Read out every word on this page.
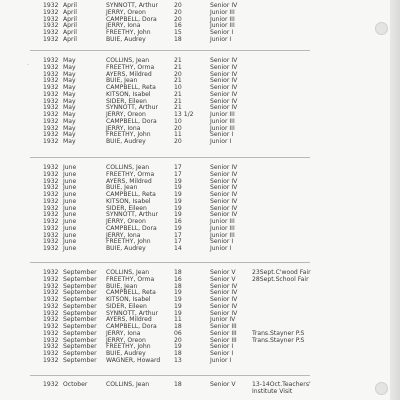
·
1932 April	SYNNOTT, Arthur	20	Senior IV
1932 April	JERRY, Oreon	20	Junior III
1932 April	CAMPBELL, Dora	20	Junior III
1932 April	JERRY, Iona	16	Junior III
1932 April	FREETHY, John	15	Senior I
1932 April	BUIE, Audrey	18	Junior I
1932 May	COLLINS, Jean	21	Senior IV
1932 May	FREETHY, Orma	21	Senior IV
1932 May	AYERS, Mildred	20	Senior IV
1932 May	BUIE, Jean	21	Senior IV
1932 May	CAMPBELL, Reta	10	Senior IV
1932 May	KITSON, Isabel	21	Senior IV
1932 May	SIDER, Eileen	21	Senior IV
1932 May	SYNNOTT, Arthur	21	Senior IV
1932 May	JERRY, Oreon	13 1/2	Junior III
1932 May	CAMPBELL, Dora	10	Junior III
1932 May	JERRY, Iona	20	Junior III
1932 May	FREETHY, John	11	Senior I
1932 May	BUIE, Audrey	20	Junior I
1932 June	COLLINS, Jean	17	Senior IV
1932 June	FREETHY, Orma	17	Senior IV
1932 June	AYERS, Mildred	19	Senior IV
1932 June	BUIE, Jean	19	Senior IV
1932 June	CAMPBELL, Reta	19	Senior IV
1932 June	KITSON, Isabel	19	Senior IV
1932 June	SIDER, Eileen	19	Senior IV
1932 June	SYNNOTT, Arthur	19	Senior IV
1932 June	JERRY, Oreon	16	Junior III
1932 June	CAMPBELL, Dora	19	Junior III
1932 June	JERRY, Iona	17	Junior III
1932 June	FREETHY, John	17	Senior I
1932 June	BUIE, Audrey	14	Junior I
1932 September COLLINS, Jean	18	Senior V	23Sept.C'wood Fair
1932 September FREETHY, Orma	16	Senior V	28Sept.School Fair
1932 September BUIE, Jean	18	Senior IV
1932 September CAMPBELL, Reta	19	Senior IV
1932 September KITSON, Isabel	19	Senior IV
1932 September SIDER, Eileen	19	Senior IV
1932 September SYNNOTT, Arthur	19	Senior IV
1932 September AYERS, Mildred	11	Junior IV
1932 September CAMPBELL, Dora	18	Senior III
1932 September JERRY, Iona	06	Senior III	Trans.Stayner P.S
1932 September JERRY, Oreon	20	Senior III	Trans.Stayner P.S
1932 September FREETHY, John	19	Senior I
1932 September BUIE, Audrey	18	Senior I
1932 September WAGNER, Howard 13	Junior I
1932 October	COLLINS, Jean	18	Senior V	13-14Oct.Teachers'
Institute Visit
